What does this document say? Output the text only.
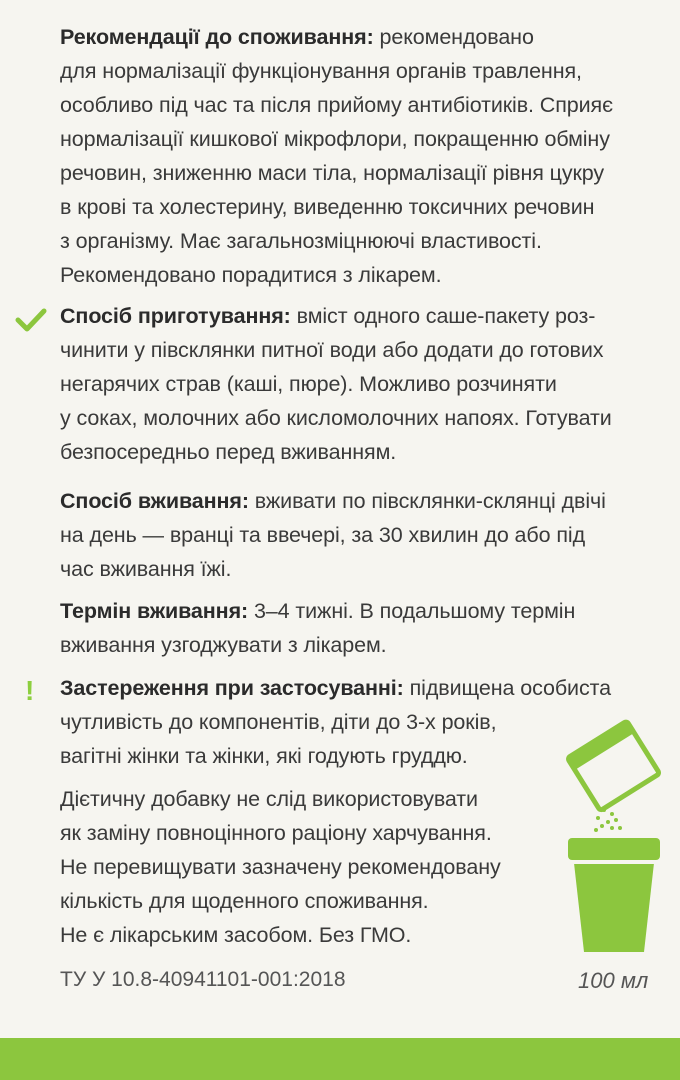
Рекомендації до споживання: рекомендовано
для нормалізації функціонування органів травлення,
особливо під час та після прийому антибіотиків. Сприяє
нормалізації кишкової мікрофлори, покращенню обміну
речовин, зниженню маси тіла, нормалізації рівня цукру
в крові та холестерину, виведенню токсичних речовин
з організму. Має загальнозміцнюючі властивості.
Рекомендовано порадитися з лікарем.
Спосіб приготування: вміст одного саше-пакету роз-
чинити у півсклянки питної води або додати до готових
негарячих страв (каші, пюре). Можливо розчиняти
у соках, молочних або кисломолочних напоях. Готувати
безпосередньо перед вживанням.
Спосіб вживання: вживати по півсклянки-склянці двічі
на день — вранці та ввечері, за 30 хвилин до або під
час вживання їжі.
Термін вживання: 3–4 тижні. В подальшому термін
вживання узгоджувати з лікарем.
! Застереження при застосуванні: підвищена особиста
чутливість до компонентів, діти до 3-х років,
вагітні жінки та жінки, які годують груддю.
Дієтичну добавку не слід використовувати
як заміну повноцінного раціону харчування.
Не перевищувати зазначену рекомендовану
кількість для щоденного споживання.
Не є лікарським засобом. Без ГМО.
ТУ У 10.8-40941101-001:2018	100 мл
